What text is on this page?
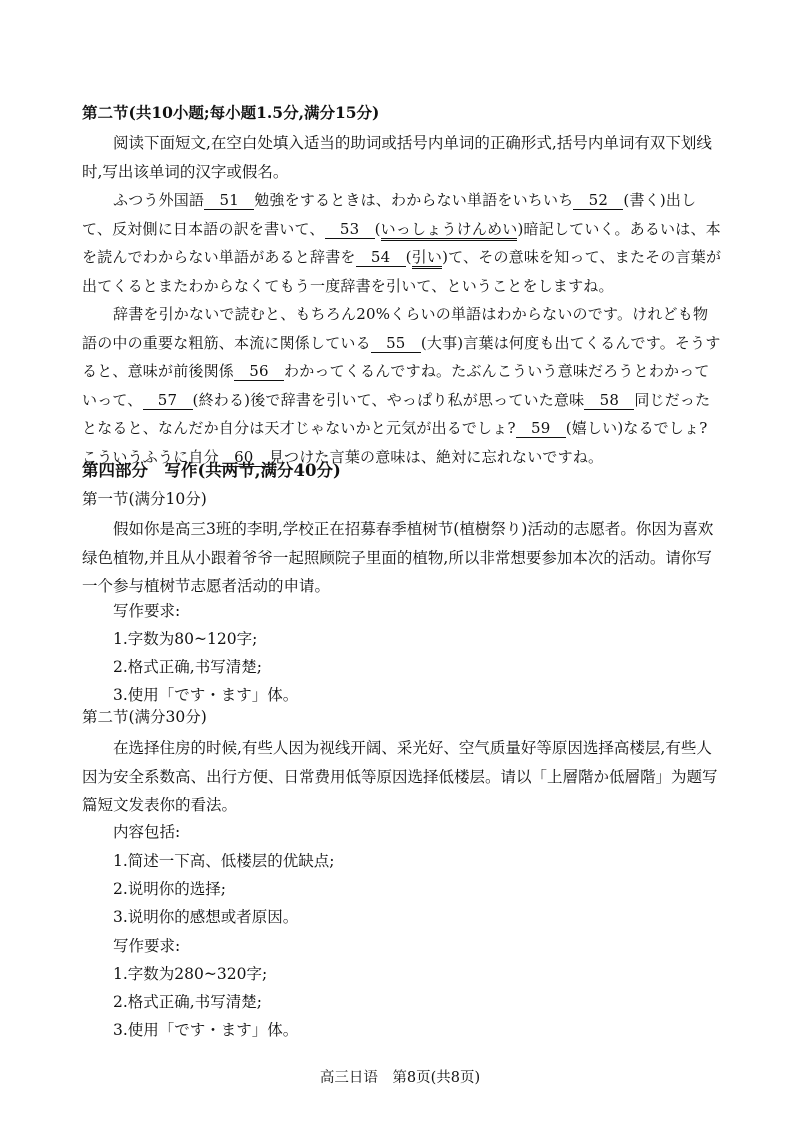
第二节(共10小题;每小题1.5分,满分15分)

阅读下面短文,在空白处填入适当的助词或括号内单词的正确形式,括号内单词有双下划线时,写出该单词的汉字或假名。

ふつう外国語 51 勉強をするときは、わからない単語をいちいち 52 (書く)出して、反対側に日本語の訳を書いて、 53 (いっしょうけんめい)暗記していく。あるいは、本を読んでわからない単語があると辞書を 54 (引い)て、その意味を知って、またその言葉が出てくるとまたわからなくてもう一度辞書を引いて、ということをしますね。

辞書を引かないで読むと、もちろん20%くらいの単語はわからないのです。けれども物語の中の重要な粗筋、本流に関係している 55 (大事)言葉は何度も出てくるんです。そうすると、意味が前後関係 56 わかってくるんですね。たぶんこういう意味だろうとわかっていって、 57 (終わる)後で辞書を引いて、やっぱり私が思っていた意味 58 同じだったとなると、なんだか自分は天才じゃないかと元気が出るでしょ? 59 (嬉しい)なるでしょ? こういうふうに自分 60 見つけた言葉の意味は、絶対に忘れないですね。

第四部分　写作(共两节,满分40分)
第一节(满分10分)

假如你是高三3班的李明,学校正在招募春季植树节(植樹祭り)活动的志愿者。你因为喜欢绿色植物,并且从小跟着爷爷一起照顾院子里面的植物,所以非常想要参加本次的活动。请你写一个参与植树节志愿者活动的申请。

写作要求:
1.字数为80~120字;
2.格式正确,书写清楚;
3.使用「です・ます」体。
第二节(满分30分)

在选择住房的时候,有些人因为视线开阔、采光好、空气质量好等原因选择高楼层,有些人因为安全系数高、出行方便、日常费用低等原因选择低楼层。请以「上層階か低層階」为题写篇短文发表你的看法。

内容包括:
1.简述一下高、低楼层的优缺点;
2.说明你的选择;
3.说明你的感想或者原因。
写作要求:
1.字数为280~320字;
2.格式正确,书写清楚;
3.使用「です・ます」体。
高三日语　第8页(共8页)
